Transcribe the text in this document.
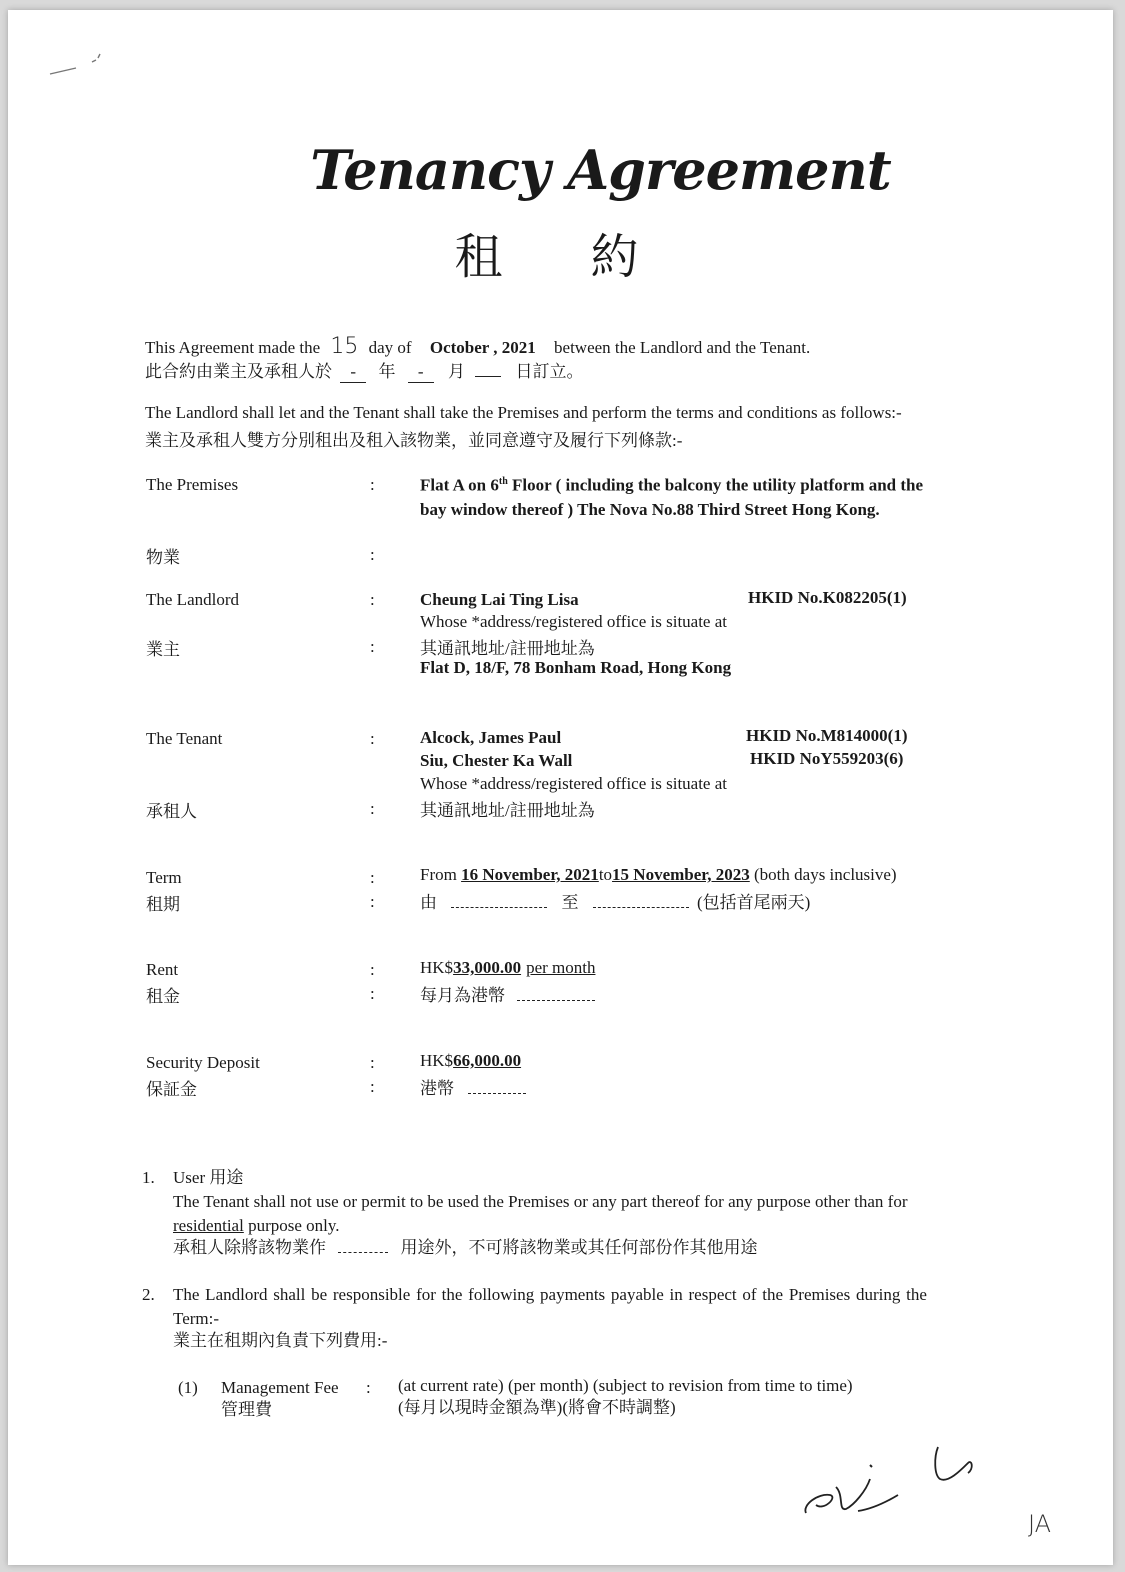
Tenancy Agreement
租約
This Agreement made the 15 day of October , 2021 between the Landlord and the Tenant.
此合約由業主及承租人於 - 年 - 月	日訂立。
The Landlord shall let and the Tenant shall take the Premises and perform the terms and conditions as follows:-
業主及承租人雙方分別租出及租入該物業，並同意遵守及履行下列條款:-
The Premises	:	Flat A on 6th Floor ( including the balcony the utility platform and the bay window thereof ) The Nova No.88 Third Street Hong Kong.
物業	:
The Landlord	:	Cheung Lai Ting Lisa	HKID No.K082205(1)
Whose *address/registered office is situate at
業主	:	其通訊地址/註冊地址為
Flat D, 18/F, 78 Bonham Road, Hong Kong
The Tenant	:	Alcock, James Paul	HKID No.M814000(1)
Siu, Chester Ka Wall	HKID NoY559203(6)
Whose *address/registered office is situate at
承租人	:	其通訊地址/註冊地址為
Term	:	From 16 November, 2021to15 November, 2023 (both days inclusive)
租期	:	由	至	(包括首尾兩天)
Rent	:	HK$33,000.00 per month
租金	:	每月為港幣
Security Deposit	:	HK$66,000.00
保証金	:	港幣
1. User 用途
The Tenant shall not use or permit to be used the Premises or any part thereof for any purpose other than for
residential purpose only.
承租人除將該物業作	用途外，不可將該物業或其任何部份作其他用途
2. The Landlord shall be responsible for the following payments payable in respect of the Premises during the
Term:-
業主在租期內負責下列費用:-
(1) Management Fee : (at current rate) (per month) (subject to revision from time to time)
管理費	(每月以現時金額為準)(將會不時調整)
JA
